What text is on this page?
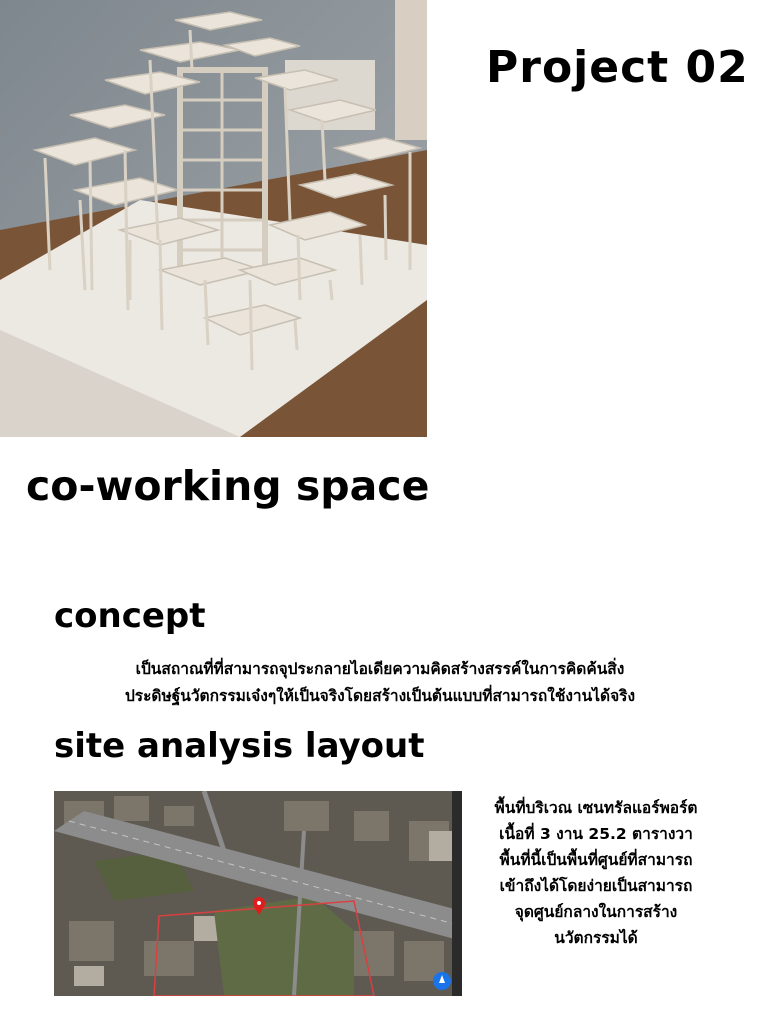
Project 02
co-working space
concept
เป็นสถาณที่ที่สามารถจุประกลายไอเดียความคิดสร้างสรรค์ในการคิดค้นสิ่ง
ประดิษฐ์นวัตกรรมเจ๋งๆให้เป็นจริงโดยสร้างเป็นต้นแบบที่สามารถใช้งานได้จริง
site analysis layout
พื้นที่บริเวณ เซนทรัลแอร์พอร์ต
เนื้อที่ 3 งาน 25.2 ตารางวา
พื้นที่นี้เป็นพื้นที่ศูนย์ที่สามารถ
เข้าถึงได้โดยง่ายเป็นสามารถ
จุดศูนย์กลางในการสร้าง
นวัตกรรมได้
